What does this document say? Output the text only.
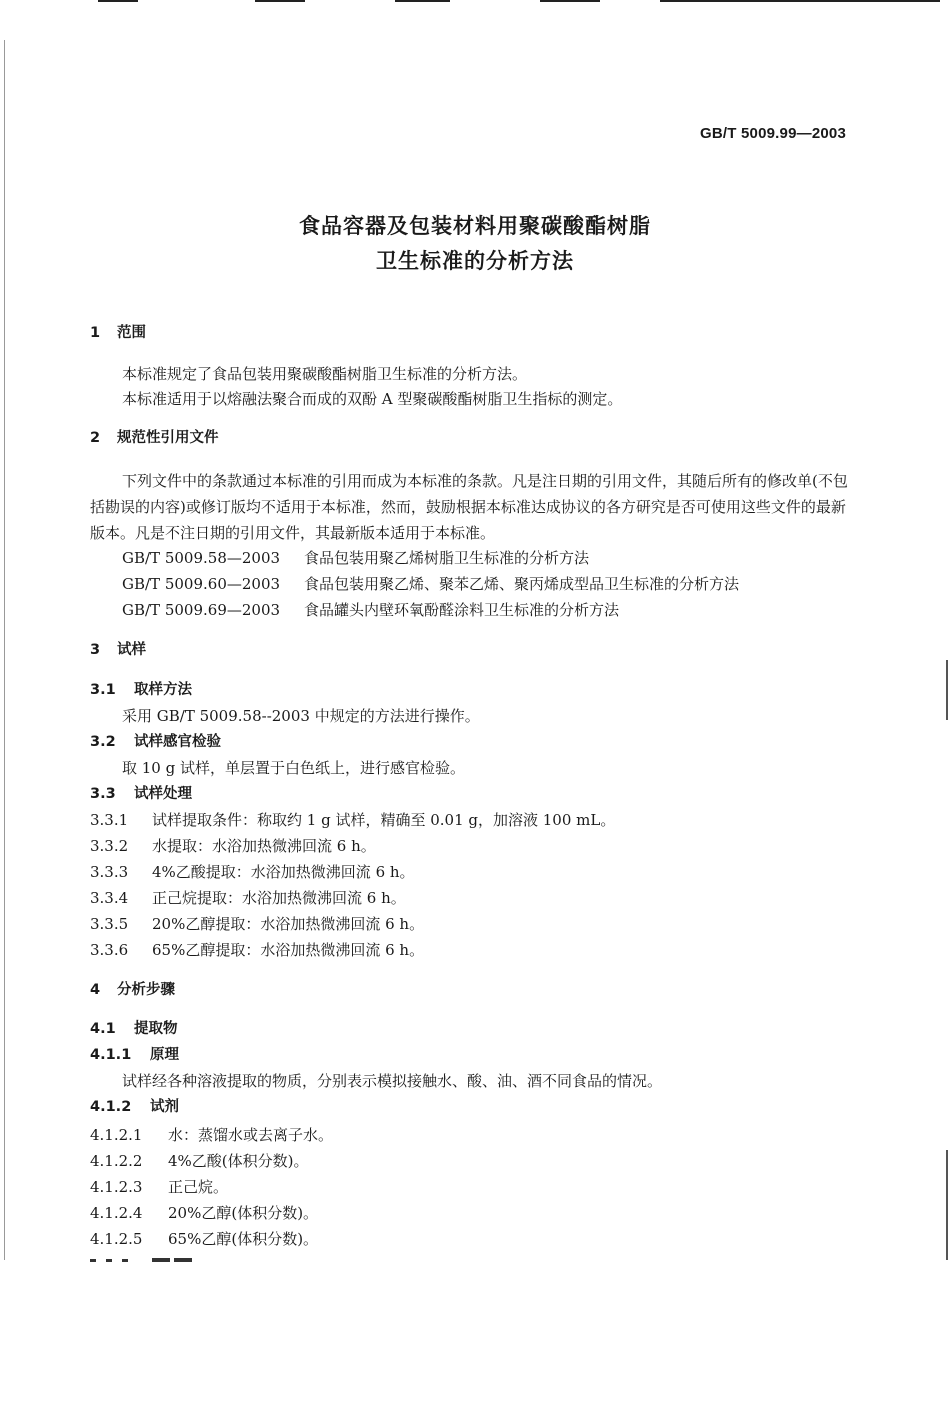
GB/T 5009.99—2003
食品容器及包装材料用聚碳酸酯树脂
卫生标准的分析方法
1 范围
本标准规定了食品包装用聚碳酸酯树脂卫生标准的分析方法。
本标准适用于以熔融法聚合而成的双酚 A 型聚碳酸酯树脂卫生指标的测定。
2 规范性引用文件
下列文件中的条款通过本标准的引用而成为本标准的条款。凡是注日期的引用文件，其随后所有的修改单(不包括勘误的内容)或修订版均不适用于本标准，然而，鼓励根据本标准达成协议的各方研究是否可使用这些文件的最新版本。凡是不注日期的引用文件，其最新版本适用于本标准。
GB/T 5009.58—2003 食品包装用聚乙烯树脂卫生标准的分析方法
GB/T 5009.60—2003 食品包装用聚乙烯、聚苯乙烯、聚丙烯成型品卫生标准的分析方法
GB/T 5009.69—2003 食品罐头内壁环氧酚醛涂料卫生标准的分析方法
3 试样
3.1 取样方法
采用 GB/T 5009.58--2003 中规定的方法进行操作。
3.2 试样感官检验
取 10 g 试样，单层置于白色纸上，进行感官检验。
3.3 试样处理
3.3.1 试样提取条件：称取约 1 g 试样，精确至 0.01 g，加溶液 100 mL。
3.3.2 水提取：水浴加热微沸回流 6 h。
3.3.3 4%乙酸提取：水浴加热微沸回流 6 h。
3.3.4 正己烷提取：水浴加热微沸回流 6 h。
3.3.5 20%乙醇提取：水浴加热微沸回流 6 h。
3.3.6 65%乙醇提取：水浴加热微沸回流 6 h。
4 分析步骤
4.1 提取物
4.1.1 原理
试样经各种溶液提取的物质，分别表示模拟接触水、酸、油、酒不同食品的情况。
4.1.2 试剂
4.1.2.1 水：蒸馏水或去离子水。
4.1.2.2 4%乙酸(体积分数)。
4.1.2.3 正己烷。
4.1.2.4 20%乙醇(体积分数)。
4.1.2.5 65%乙醇(体积分数)。
